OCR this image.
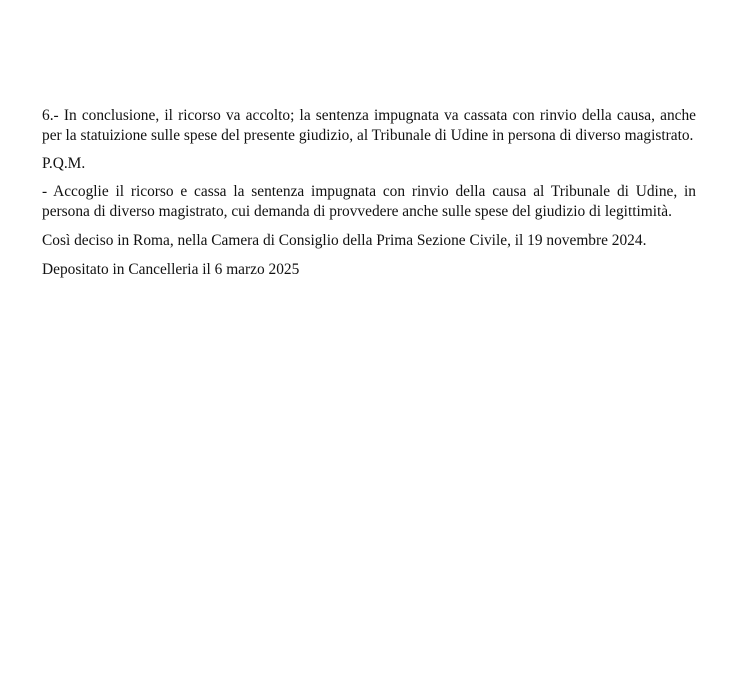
6.- In conclusione, il ricorso va accolto; la sentenza impugnata va cassata con rinvio della causa, anche per la statuizione sulle spese del presente giudizio, al Tribunale di Udine in persona di diverso magistrato.

P.Q.M.

- Accoglie il ricorso e cassa la sentenza impugnata con rinvio della causa al Tribunale di Udine, in persona di diverso magistrato, cui demanda di provvedere anche sulle spese del giudizio di legittimità.

Così deciso in Roma, nella Camera di Consiglio della Prima Sezione Civile, il 19 novembre 2024.

Depositato in Cancelleria il 6 marzo 2025
